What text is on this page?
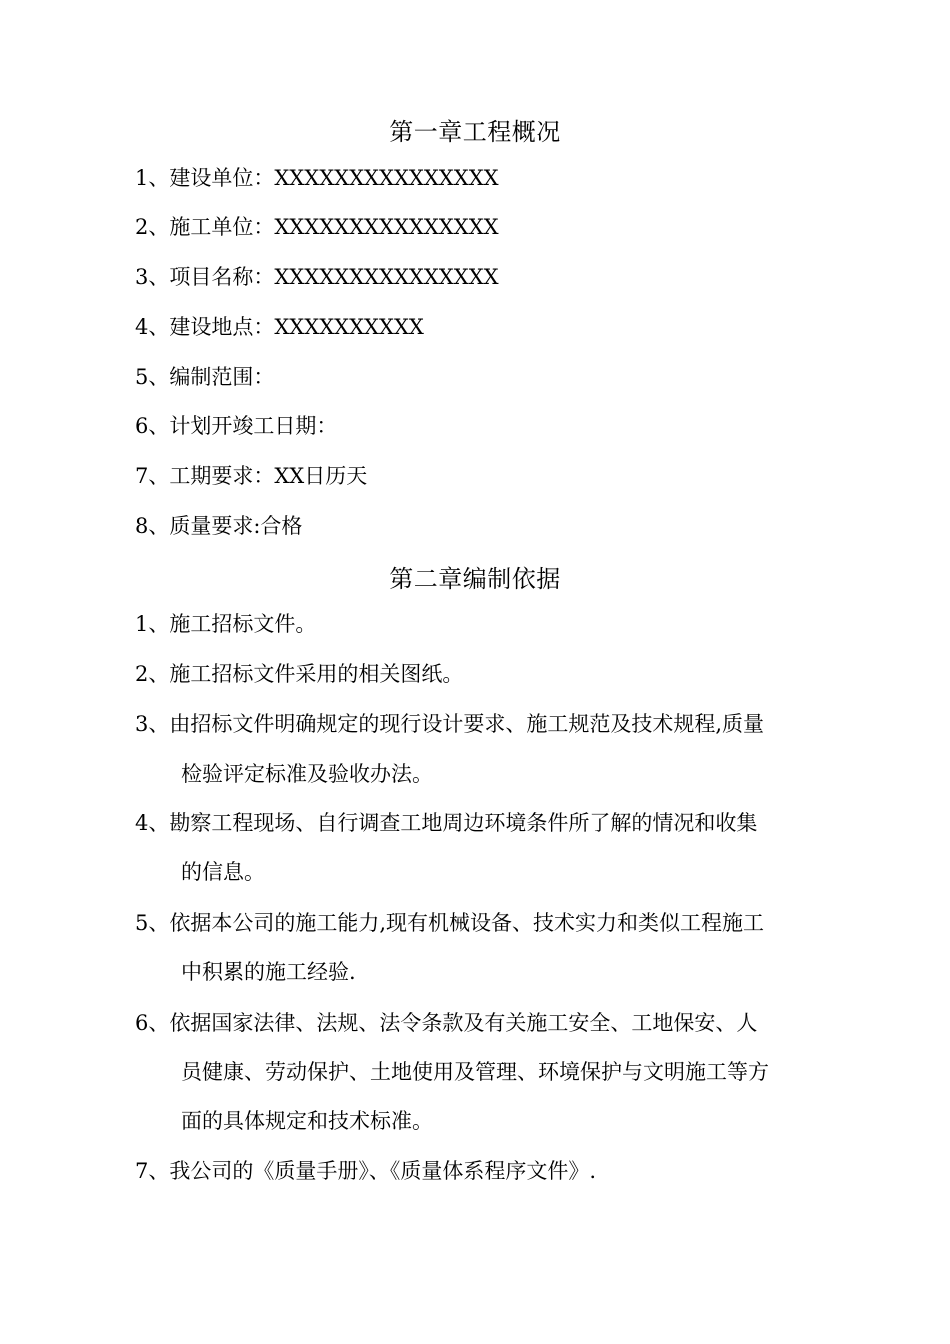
第一章工程概况
1、建设单位：XXXXXXXXXXXXXXX
2、施工单位：XXXXXXXXXXXXXXX
3、项目名称：XXXXXXXXXXXXXXX
4、建设地点：XXXXXXXXXX
5、编制范围：
6、计划开竣工日期：
7、工期要求：XX日历天
8、质量要求:合格
第二章编制依据
1、施工招标文件。
2、施工招标文件采用的相关图纸。
3、由招标文件明确规定的现行设计要求、施工规范及技术规程,质量
检验评定标准及验收办法。
4、勘察工程现场、自行调查工地周边环境条件所了解的情况和收集
的信息。
5、依据本公司的施工能力,现有机械设备、技术实力和类似工程施工
中积累的施工经验.
6、依据国家法律、法规、法令条款及有关施工安全、工地保安、人
员健康、劳动保护、土地使用及管理、环境保护与文明施工等方
面的具体规定和技术标准。
7、我公司的《质量手册》、《质量体系程序文件》.
